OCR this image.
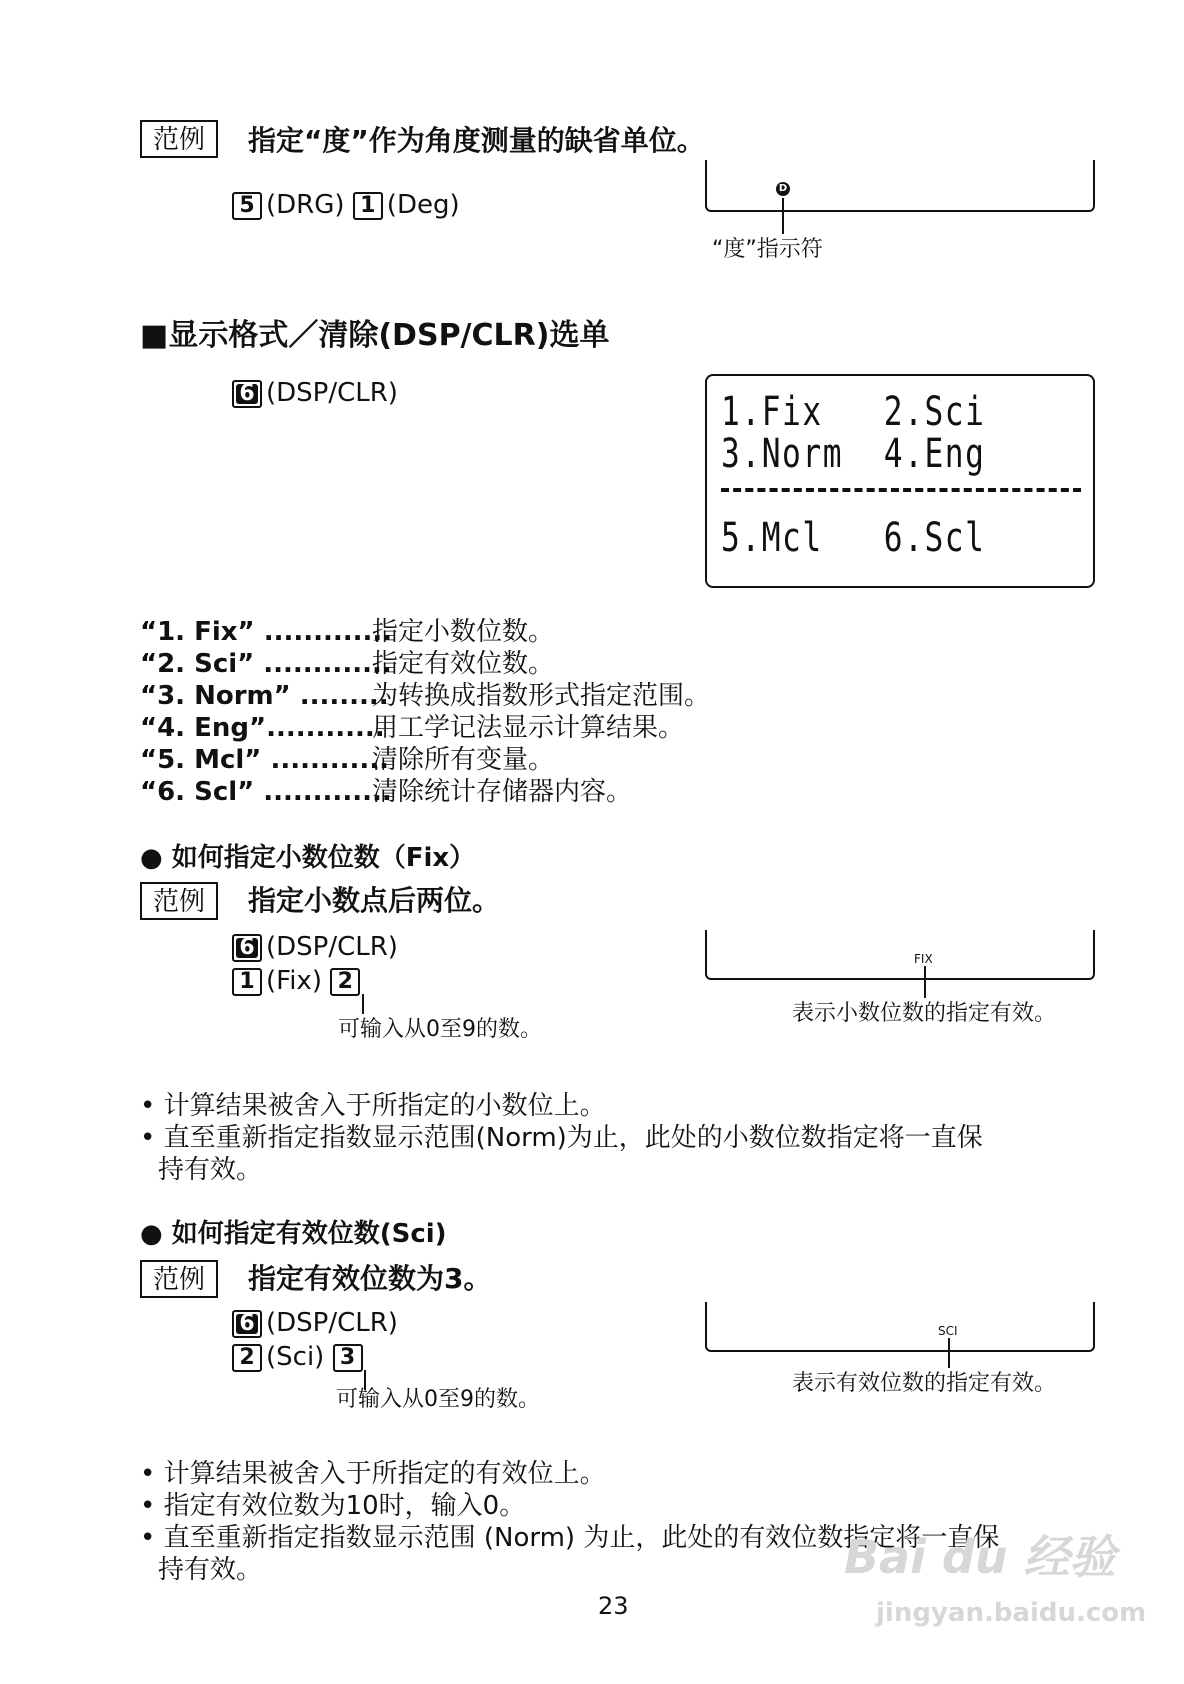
范例	指定“度”作为角度测量的缺省单位。
5 (DRG) 1 (Deg)
D
“度”指示符
■显示格式／清除(DSP/CLR)选单
6 (DSP/CLR)	1.Fix   2.Sci
3.Norm  4.Eng
5.Mcl   6.Scl
“1. Fix” .............指定小数位数。
“2. Sci” .............指定有效位数。
“3. Norm” .........为转换成指数形式指定范围。
“4. Eng”............用工学记法显示计算结果。
“5. Mcl” ............清除所有变量。
“6. Scl” .............清除统计存储器内容。
● 如何指定小数位数（Fix）
范例	指定小数点后两位。
6 (DSP/CLR)
1 (Fix) 2
可输入从0至9的数。
FIX
表示小数位数的指定有效。
• 计算结果被舍入于所指定的小数位上。
• 直至重新指定指数显示范围(Norm)为止，此处的小数位数指定将一直保
持有效。
● 如何指定有效位数(Sci)
范例	指定有效位数为3。
6 (DSP/CLR)
2 (Sci) 3
可输入从0至9的数。
SCI
表示有效位数的指定有效。
• 计算结果被舍入于所指定的有效位上。
• 指定有效位数为10时，输入0。
• 直至重新指定指数显示范围 (Norm) 为止，此处的有效位数指定将一直保
持有效。
23
Bai du 经验
jingyan.baidu.com
